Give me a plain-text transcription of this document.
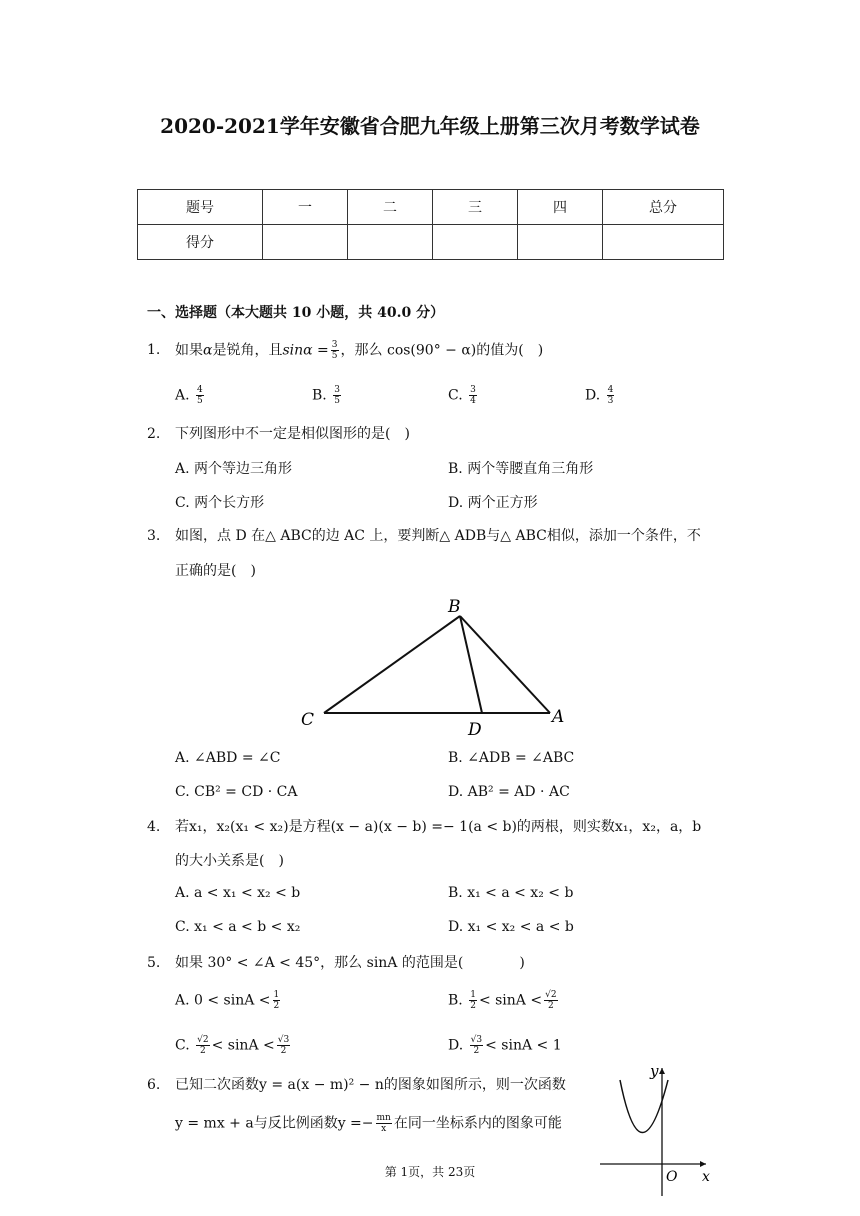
2020-2021学年安徽省合肥九年级上册第三次月考数学试卷
题号	一	二	三	四	总分
得分					
一、选择题（本大题共 10 小题，共 40.0 分）
1. 如果α是锐角，且$\sin\alpha = \frac{3}{5}$ ，那么 cos(90° − α)的值为(　)
A. $\frac{4}{5}$	B. $\frac{3}{5}$	C. $\frac{3}{4}$	D. $\frac{4}{3}$
2. 下列图形中不一定是相似图形的是(　)
A. 两个等边三角形	B. 两个等腰直角三角形
C. 两个长方形	D. 两个正方形
3. 如图，点 D 在△ ABC的边 AC 上，要判断△ ADB与△ ABC相似，添加一个条件，不
正确的是(　)
B
C	D
A
A. ∠ABD = ∠C	B. ∠ADB = ∠ABC
C. CB² = CD · CA	D. AB² = AD · AC
4. 若x₁，x₂(x₁ < x₂)是方程(x − a)(x − b) =− 1(a < b)的两根，则实数x₁，x₂，a，b
的大小关系是(　)
A. a < x₁ < x₂ < b	B. x₁ < a < x₂ < b
C. x₁ < a < b < x₂	D. x₁ < x₂ < a < b
5. 如果 30° < ∠A < 45°，那么 sinA 的范围是(　　　　)
A. $0 < \sin A < \frac{1}{2}$	B. $\frac{1}{2} < \sin A < \frac{√2}{2}$
C. $\frac{√2}{2} < \sin A < \frac{√3}{2}$	D. $\frac{√3}{2} < \sin A < 1$
6. 已知二次函数y = a(x − m)² − n的图象如图所示，则一次函数
y = mx + a与反比例函数$y =- \frac{mn}{x}$ 在同一坐标系内的图象可能
y
O x
第 1页，共 23页
